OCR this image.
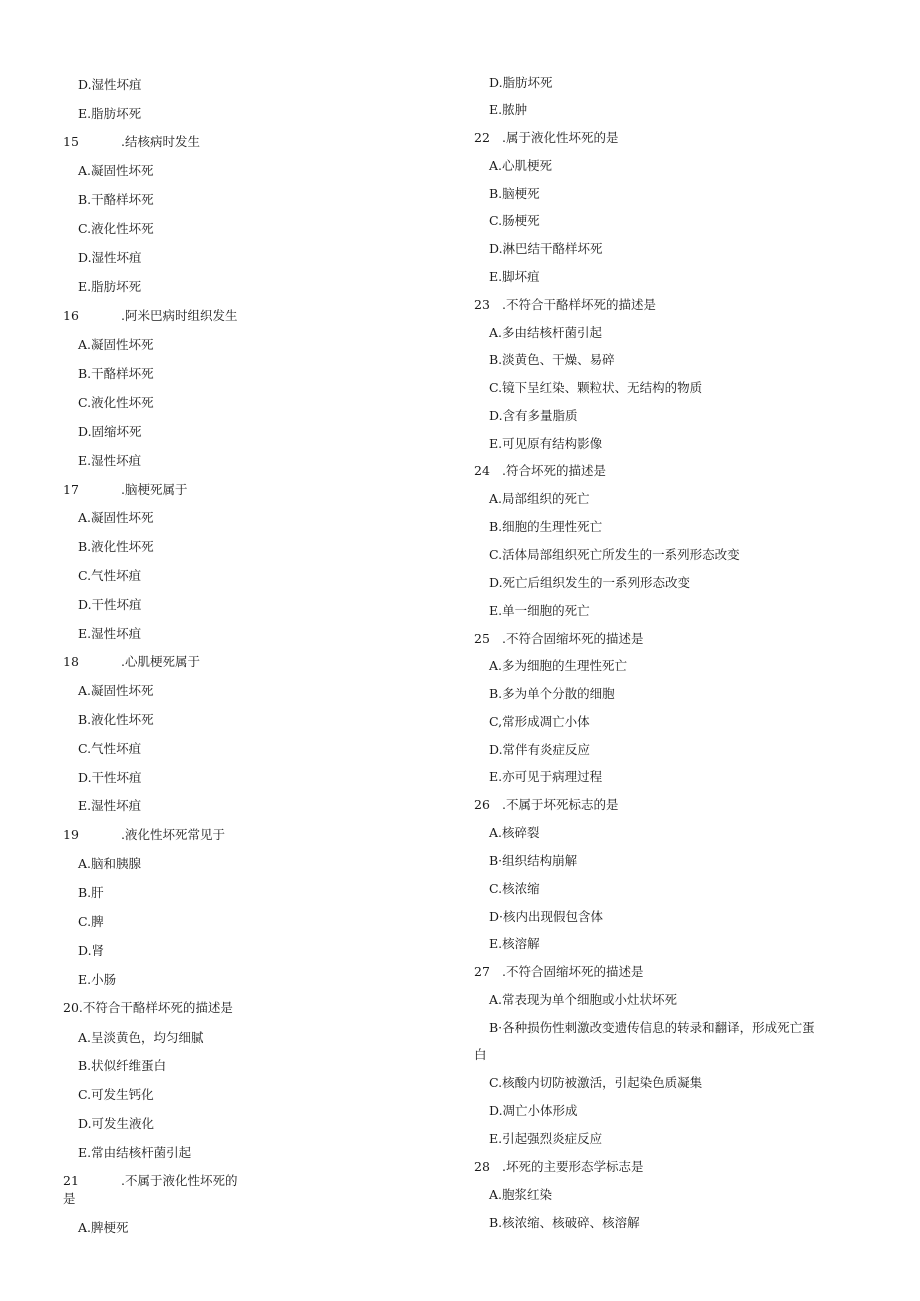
D.湿性坏疽
E.脂肪坏死
15	.结核病时发生
A.凝固性坏死
B.干酪样坏死
C.液化性坏死
D.湿性坏疽
E.脂肪坏死
16	.阿米巴病时组织发生
A.凝固性坏死
B.干酪样坏死
C.液化性坏死
D.固缩坏死
E.湿性坏疽
17	.脑梗死属于
A.凝固性坏死
B.液化性坏死
C.气性坏疽
D.干性坏疽
E.湿性坏疽
18	.心肌梗死属于
A.凝固性坏死
B.液化性坏死
C.气性坏疽
D.干性坏疽
E.湿性坏疽
19	.液化性坏死常见于
A.脑和胰腺
B.肝
C.脾
D.肾
E.小肠
20.不符合干酪样坏死的描述是
A.呈淡黄色，均匀细腻
B.状似纤维蛋白
C.可发生钙化
D.可发生液化
E.常由结核杆菌引起
21	.不属于液化性坏死的
是
A.脾梗死
D.脂肪坏死
E.脓肿
22 .属于液化性坏死的是
A.心肌梗死
B.脑梗死
C.肠梗死
D.淋巴结干酪样坏死
E.脚坏疽
23 .不符合干酪样坏死的描述是
A.多由结核杆菌引起
B.淡黄色、干燥、易碎
C.镜下呈红染、颗粒状、无结构的物质
D.含有多量脂质
E.可见原有结构影像
24 .符合坏死的描述是
A.局部组织的死亡
B.细胞的生理性死亡
C.活体局部组织死亡所发生的一系列形态改变
D.死亡后组织发生的一系列形态改变
E.单一细胞的死亡
25 .不符合固缩坏死的描述是
A.多为细胞的生理性死亡
B.多为单个分散的细胞
C,常形成凋亡小体
D.常伴有炎症反应
E.亦可见于病理过程
26 .不属于坏死标志的是
A.核碎裂
B·组织结构崩解
C.核浓缩
D·核内出现假包含体
E.核溶解
27 .不符合固缩坏死的描述是
A.常表现为单个细胞或小灶状坏死
B·各种损伤性刺激改变遗传信息的转录和翻译，形成死亡蛋
白
C.核酸内切防被激活，引起染色质凝集
D.凋亡小体形成
E.引起强烈炎症反应
28 .坏死的主要形态学标志是
A.胞浆红染
B.核浓缩、核破碎、核溶解
